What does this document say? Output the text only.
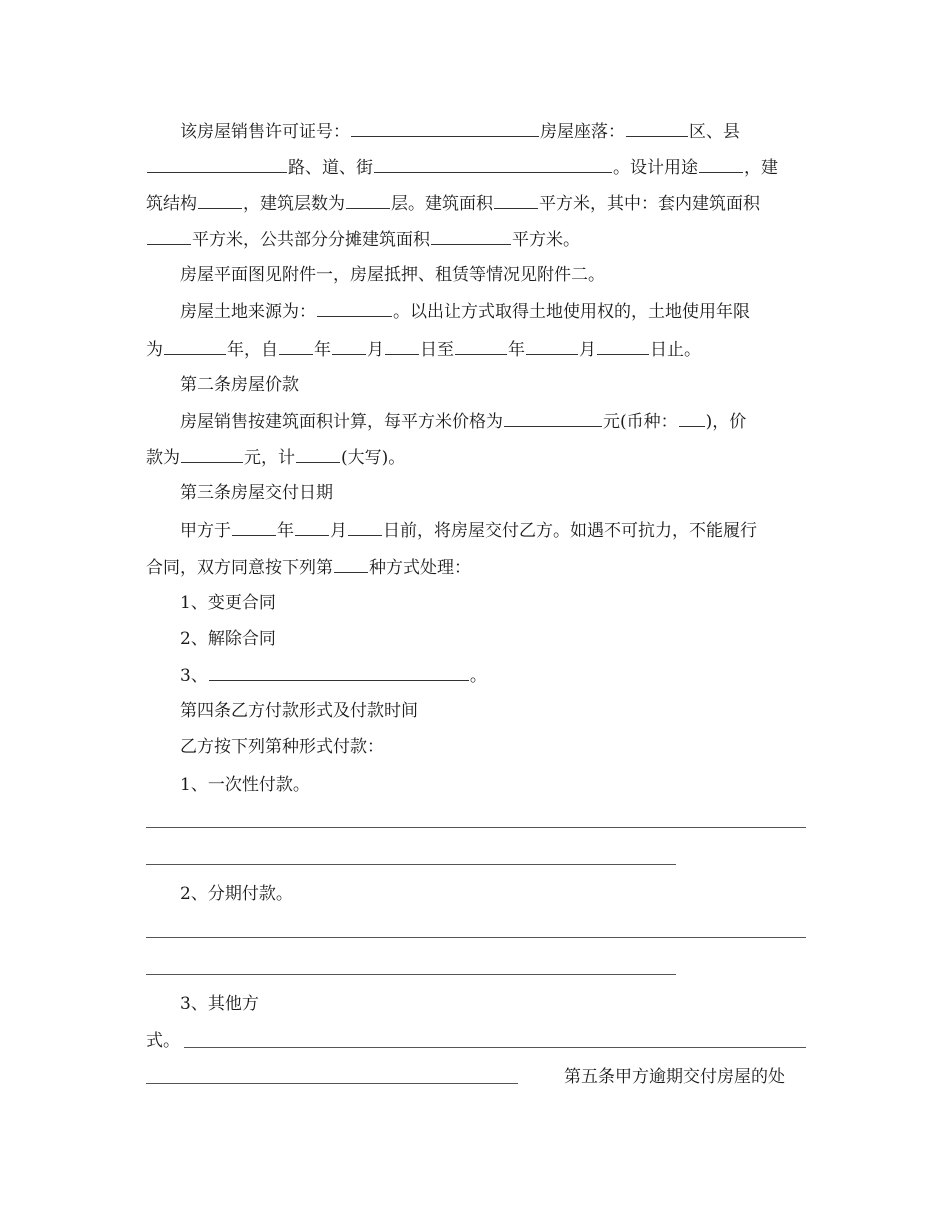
该房屋销售许可证号：	房屋座落：	区、县
路、道、街	。设计用途	，建
筑结构	，建筑层数为	层。建筑面积	平方米，其中：套内建筑面积
平方米，公共部分分摊建筑面积	平方米。
房屋平面图见附件一，房屋抵押、租赁等情况见附件二。
房屋土地来源为：	。以出让方式取得土地使用权的，土地使用年限
为	年，自 年 月 日至	年	月	日止。
第二条房屋价款
房屋销售按建筑面积计算，每平方米价格为	元(币种： )，价
款为	元，计	(大写)。
第三条房屋交付日期
甲方于	年 月 日前，将房屋交付乙方。如遇不可抗力，不能履行
合同，双方同意按下列第 种方式处理：
1、变更合同
2、解除合同
3、	。
第四条乙方付款形式及付款时间
乙方按下列第种形式付款：
1、一次性付款。
2、分期付款。
3、其他方
式。
第五条甲方逾期交付房屋的处
